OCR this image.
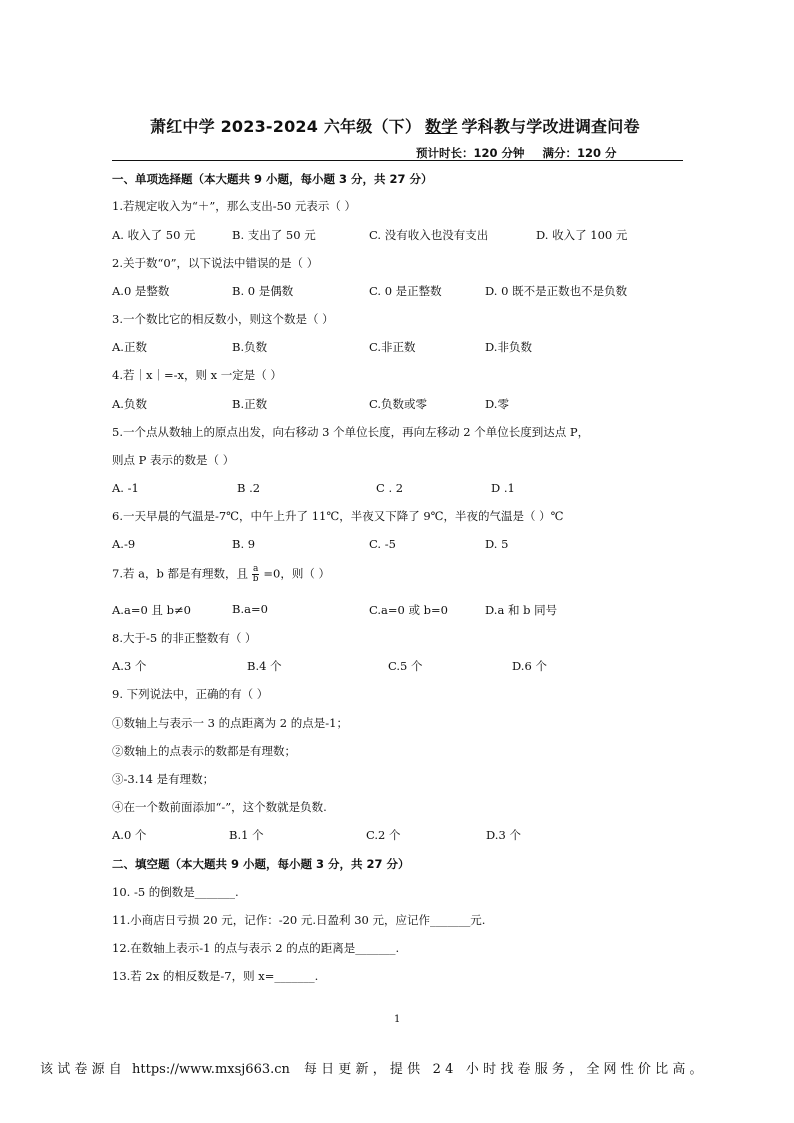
萧红中学 2023-2024 六年级（下） 数学 学科教与学改进调查问卷
预计时长：120 分钟 满分：120 分
一、单项选择题（本大题共 9 小题，每小题 3 分，共 27 分）
1.若规定收入为“＋”，那么支出-50 元表示（ ）
A. 收入了 50 元	B. 支出了 50 元	C. 没有收入也没有支出	D. 收入了 100 元
2.关于数“0”，以下说法中错误的是（ ）
A.0 是整数	B. 0 是偶数	C. 0 是正整数	D. 0 既不是正数也不是负数
3.一个数比它的相反数小，则这个数是（ ）
A.正数	B.负数	C.非正数	D.非负数
4.若｜x｜=-x，则 x 一定是（ ）
A.负数	B.正数	C.负数或零	D.零
5.一个点从数轴上的原点出发，向右移动 3 个单位长度，再向左移动 2 个单位长度到达点 P，
则点 P 表示的数是（ ）
A. -1	B .2	C . 2	D .1
6.一天早晨的气温是-7℃，中午上升了 11℃，半夜又下降了 9℃，半夜的气温是（ ）℃
A.-9	B. 9	C. -5	D. 5
7.若 a，b 都是有理数，且 $\frac{a}{b} =0$，则（ ）
A.a=0 且 b≠0	B.a=0	C.a=0 或 b=0	D.a 和 b 同号
8.大于-5 的非正整数有（ ）
A.3 个	B.4 个	C.5 个	D.6 个
9. 下列说法中，正确的有（ ）
①数轴上与表示一 3 的点距离为 2 的点是-1；
②数轴上的点表示的数都是有理数；
③-3.14 是有理数；
④在一个数前面添加“-”，这个数就是负数.
A.0 个	B.1 个	C.2 个	D.3 个
二、填空题（本大题共 9 小题，每小题 3 分，共 27 分）
10. -5 的倒数是_______.
11.小商店日亏损 20 元，记作：-20 元.日盈利 30 元，应记作_______元.
12.在数轴上表示-1 的点与表示 2 的点的距离是_______.
13.若 2x 的相反数是-7，则 x=_______.
1
该试卷源自 https://www.mxsj663.cn 每日更新，提供 24 小时找卷服务，全网性价比高。
